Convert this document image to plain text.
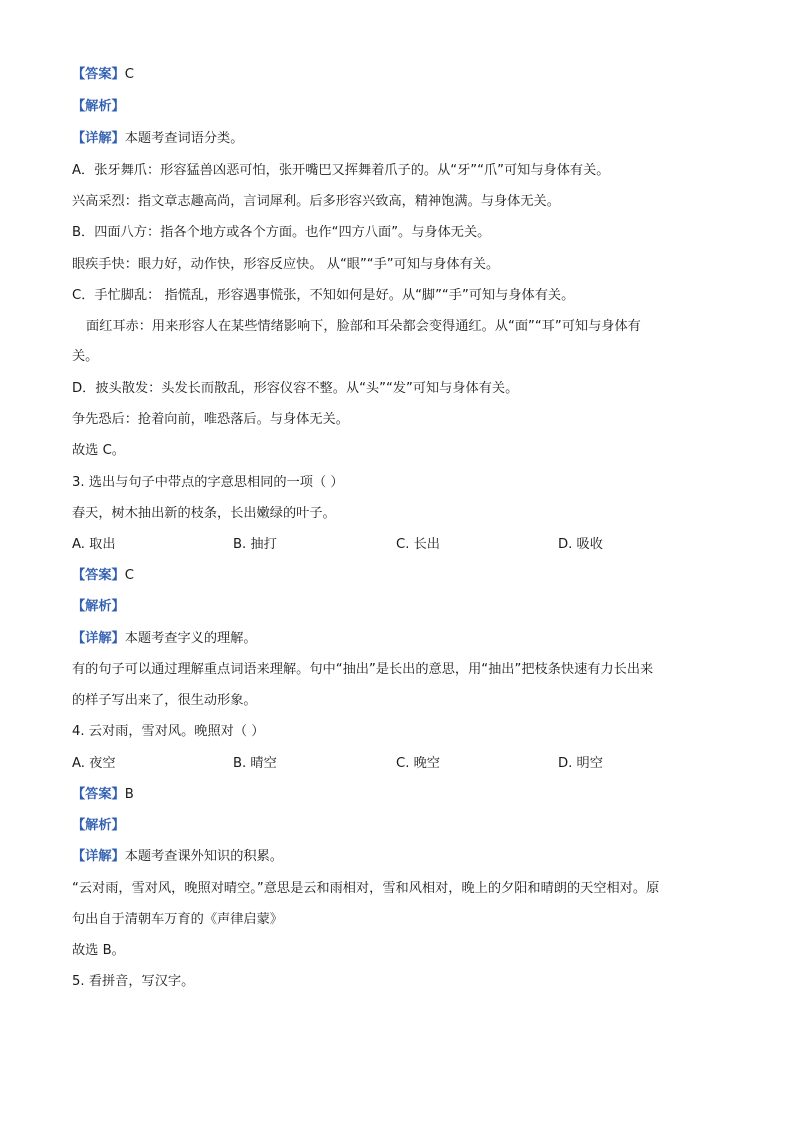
【答案】C
【解析】
【详解】本题考查词语分类。
A．张牙舞爪：形容猛兽凶恶可怕，张开嘴巴又挥舞着爪子的。从“牙”“爪”可知与身体有关。
兴高采烈：指文章志趣高尚，言词犀利。后多形容兴致高，精神饱满。与身体无关。
B．四面八方：指各个地方或各个方面。也作“四方八面”。与身体无关。
眼疾手快：眼力好，动作快，形容反应快。 从“眼”“手”可知与身体有关。
C．手忙脚乱： 指慌乱，形容遇事慌张，不知如何是好。从“脚”“手”可知与身体有关。
面红耳赤：用来形容人在某些情绪影响下，脸部和耳朵都会变得通红。从“面”“耳”可知与身体有
关。
D．披头散发：头发长而散乱，形容仪容不整。从“头”“发”可知与身体有关。
争先恐后：抢着向前，唯恐落后。与身体无关。
故选 C。
3. 选出与句子中带点的字意思相同的一项（ ）
春天，树木抽出新的枝条，长出嫩绿的叶子。
A. 取出	B. 抽打	C. 长出	D. 吸收
【答案】C
【解析】
【详解】本题考查字义的理解。
有的句子可以通过理解重点词语来理解。句中“抽出”是长出的意思，用“抽出”把枝条快速有力长出来
的样子写出来了，很生动形象。
4. 云对雨，雪对风。晚照对（ ）
A. 夜空	B. 晴空	C. 晚空	D. 明空
【答案】B
【解析】
【详解】本题考查课外知识的积累。
“云对雨，雪对风，晚照对晴空。”意思是云和雨相对，雪和风相对，晚上的夕阳和晴朗的天空相对。原
句出自于清朝车万育的《声律启蒙》
故选 B。
5. 看拼音，写汉字。
